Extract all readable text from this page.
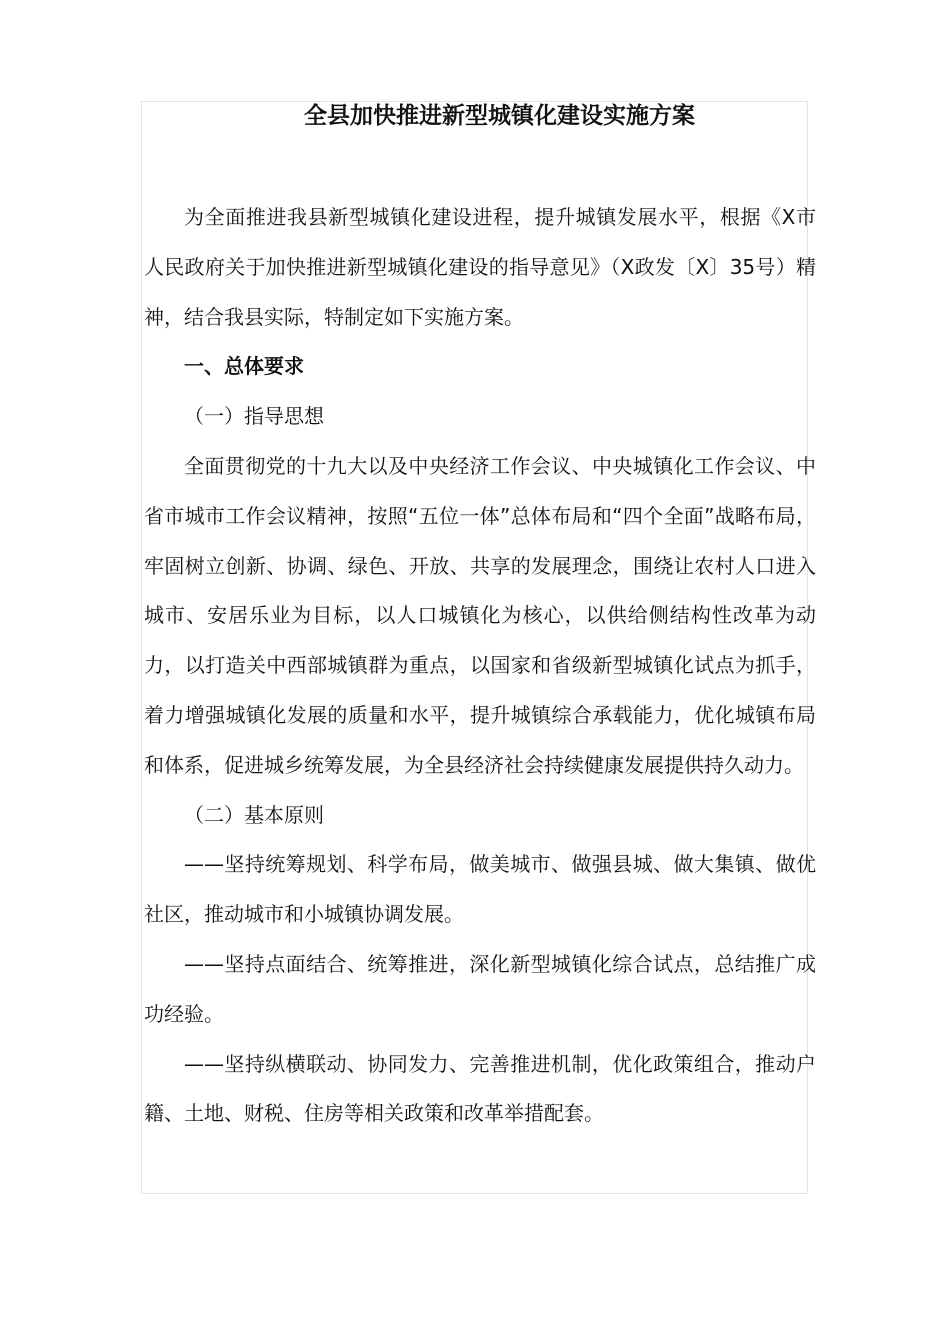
全县加快推进新型城镇化建设实施方案

为全面推进我县新型城镇化建设进程，提升城镇发展水平，根据《X市人民政府关于加快推进新型城镇化建设的指导意见》（X政发〔X〕35号）精神，结合我县实际，特制定如下实施方案。

一、总体要求

（一）指导思想

全面贯彻党的十九大以及中央经济工作会议、中央城镇化工作会议、中省市城市工作会议精神，按照“五位一体”总体布局和“四个全面”战略布局，牢固树立创新、协调、绿色、开放、共享的发展理念，围绕让农村人口进入城市、安居乐业为目标，以人口城镇化为核心，以供给侧结构性改革为动力，以打造关中西部城镇群为重点，以国家和省级新型城镇化试点为抓手，着力增强城镇化发展的质量和水平，提升城镇综合承载能力，优化城镇布局和体系，促进城乡统筹发展，为全县经济社会持续健康发展提供持久动力。

（二）基本原则

——坚持统筹规划、科学布局，做美城市、做强县城、做大集镇、做优社区，推动城市和小城镇协调发展。

——坚持点面结合、统筹推进，深化新型城镇化综合试点，总结推广成功经验。

——坚持纵横联动、协同发力、完善推进机制，优化政策组合，推动户籍、土地、财税、住房等相关政策和改革举措配套。
